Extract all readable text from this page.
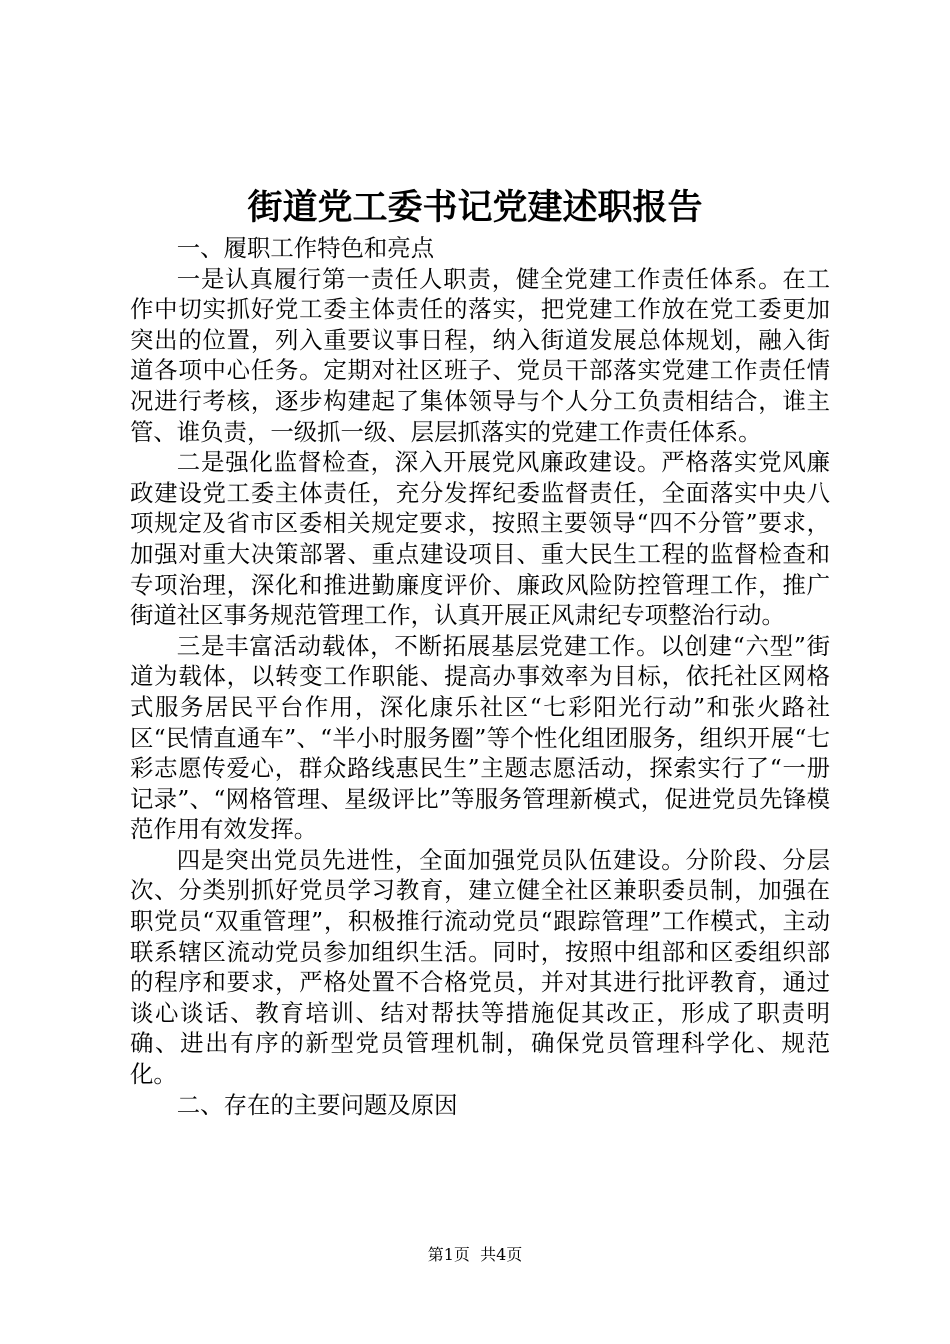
街道党工委书记党建述职报告

一、履职工作特色和亮点

一是认真履行第一责任人职责，健全党建工作责任体系。在工作中切实抓好党工委主体责任的落实，把党建工作放在党工委更加突出的位置，列入重要议事日程，纳入街道发展总体规划，融入街道各项中心任务。定期对社区班子、党员干部落实党建工作责任情况进行考核，逐步构建起了集体领导与个人分工负责相结合，谁主管、谁负责，一级抓一级、层层抓落实的党建工作责任体系。

二是强化监督检查，深入开展党风廉政建设。严格落实党风廉政建设党工委主体责任，充分发挥纪委监督责任，全面落实中央八项规定及省市区委相关规定要求，按照主要领导“四不分管”要求，加强对重大决策部署、重点建设项目、重大民生工程的监督检查和专项治理，深化和推进勤廉度评价、廉政风险防控管理工作，推广街道社区事务规范管理工作，认真开展正风肃纪专项整治行动。

三是丰富活动载体，不断拓展基层党建工作。以创建“六型”街道为载体，以转变工作职能、提高办事效率为目标，依托社区网格式服务居民平台作用，深化康乐社区“七彩阳光行动”和张火路社区“民情直通车”、“半小时服务圈”等个性化组团服务，组织开展“七彩志愿传爱心，群众路线惠民生”主题志愿活动，探索实行了“一册记录”、“网格管理、星级评比”等服务管理新模式，促进党员先锋模范作用有效发挥。

四是突出党员先进性，全面加强党员队伍建设。分阶段、分层次、分类别抓好党员学习教育，建立健全社区兼职委员制，加强在职党员“双重管理”，积极推行流动党员“跟踪管理”工作模式，主动联系辖区流动党员参加组织生活。同时，按照中组部和区委组织部的程序和要求，严格处置不合格党员，并对其进行批评教育，通过谈心谈话、教育培训、结对帮扶等措施促其改正，形成了职责明确、进出有序的新型党员管理机制，确保党员管理科学化、规范化。

二、存在的主要问题及原因

第1页  共4页
